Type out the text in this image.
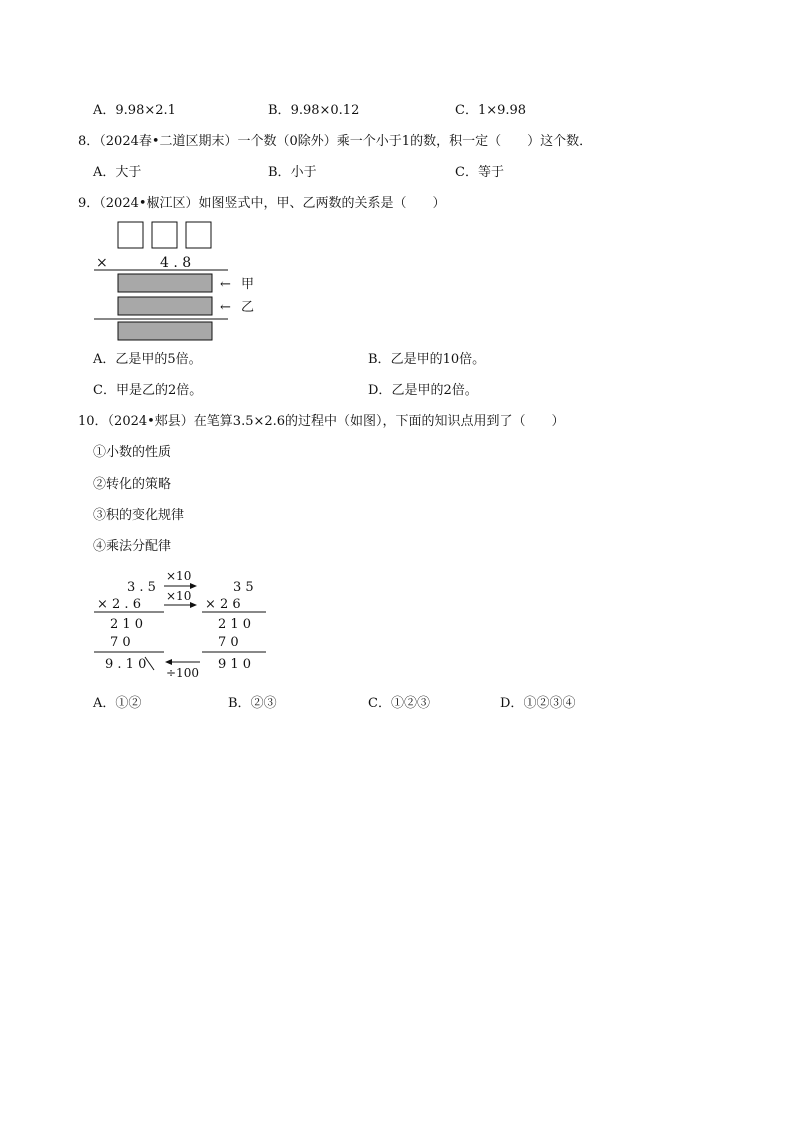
A．9.98×2.1	B．9.98×0.12	C．1×9.98
8．（2024春•二道区期末）一个数（0除外）乘一个小于1的数，积一定（　　）这个数．
A．大于	B．小于	C．等于
9．（2024•椒江区）如图竖式中，甲、乙两数的关系是（　　）
×	4 . 8
← 甲
← 乙
A．乙是甲的5倍。	B．乙是甲的10倍。
C．甲是乙的2倍。	D．乙是甲的2倍。
10．（2024•郏县）在笔算3.5×2.6的过程中（如图），下面的知识点用到了（　　）
①小数的性质
②转化的策略
③积的变化规律
④乘法分配律
3 . 5
× 2 . 6
2 1 0
7 0
9 . 1 0
×10
×10
÷100
3 5
× 2 6
2 1 0
7 0
9 1 0
A．①②	B．②③	C．①②③	D．①②③④
